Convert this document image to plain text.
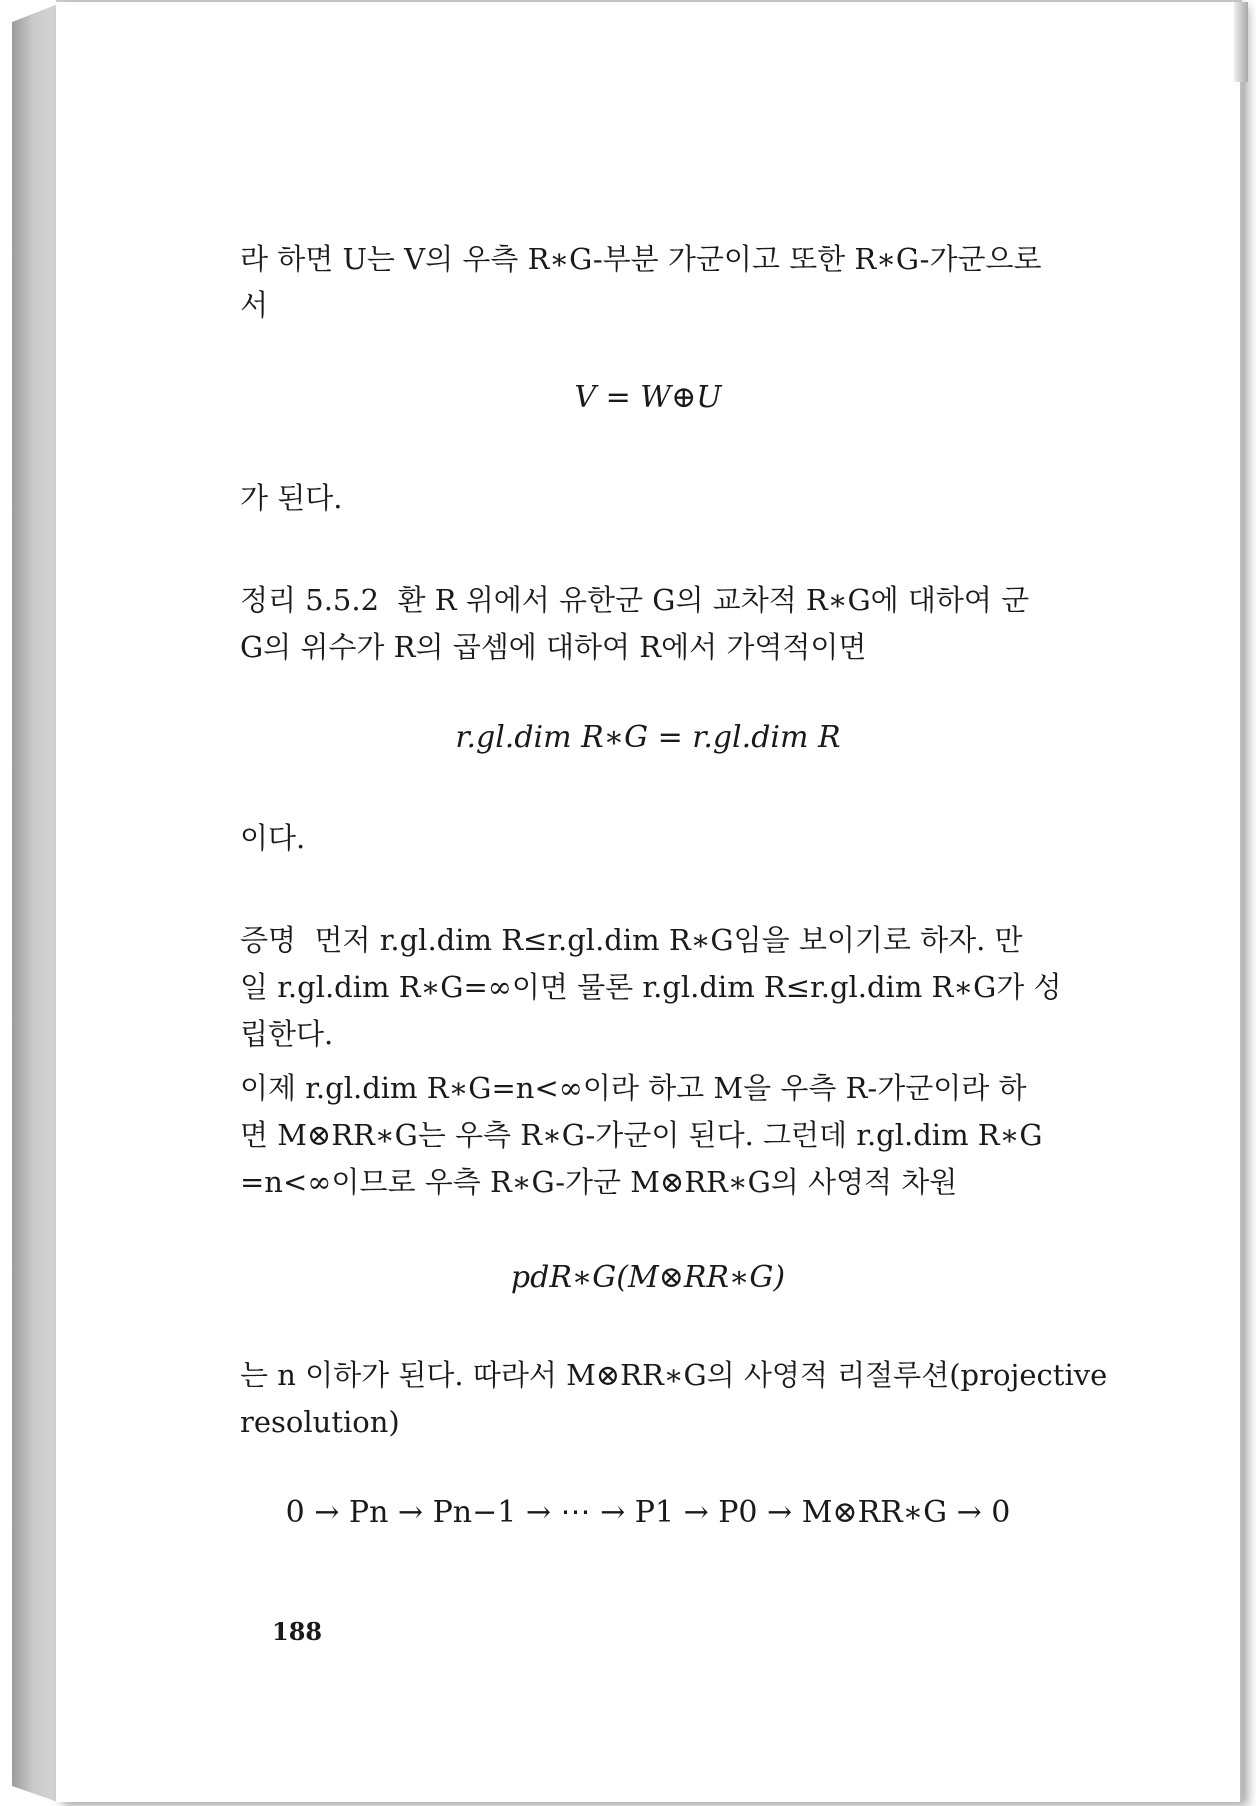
라 하면 U는 V의 우측 R∗G-부분 가군이고 또한 R∗G-가군으로
서
V = W⊕U
가 된다.
정리 5.5.2  환 R 위에서 유한군 G의 교차적 R∗G에 대하여 군
G의 위수가 R의 곱셈에 대하여 R에서 가역적이면
r.gl.dim R∗G = r.gl.dim R
이다.
증명  먼저 r.gl.dim R≤r.gl.dim R∗G임을 보이기로 하자. 만
일 r.gl.dim R∗G=∞이면 물론 r.gl.dim R≤r.gl.dim R∗G가 성
립한다.
이제 r.gl.dim R∗G=n<∞이라 하고 M을 우측 R-가군이라 하
면 M⊗RR∗G는 우측 R∗G-가군이 된다. 그런데 r.gl.dim R∗G
=n<∞이므로 우측 R∗G-가군 M⊗RR∗G의 사영적 차원
pdR∗G(M⊗RR∗G)
는 n 이하가 된다. 따라서 M⊗RR∗G의 사영적 리절루션(projective
resolution)
0 → Pn → Pn−1 → ⋯ → P1 → P0 → M⊗RR∗G → 0
188
